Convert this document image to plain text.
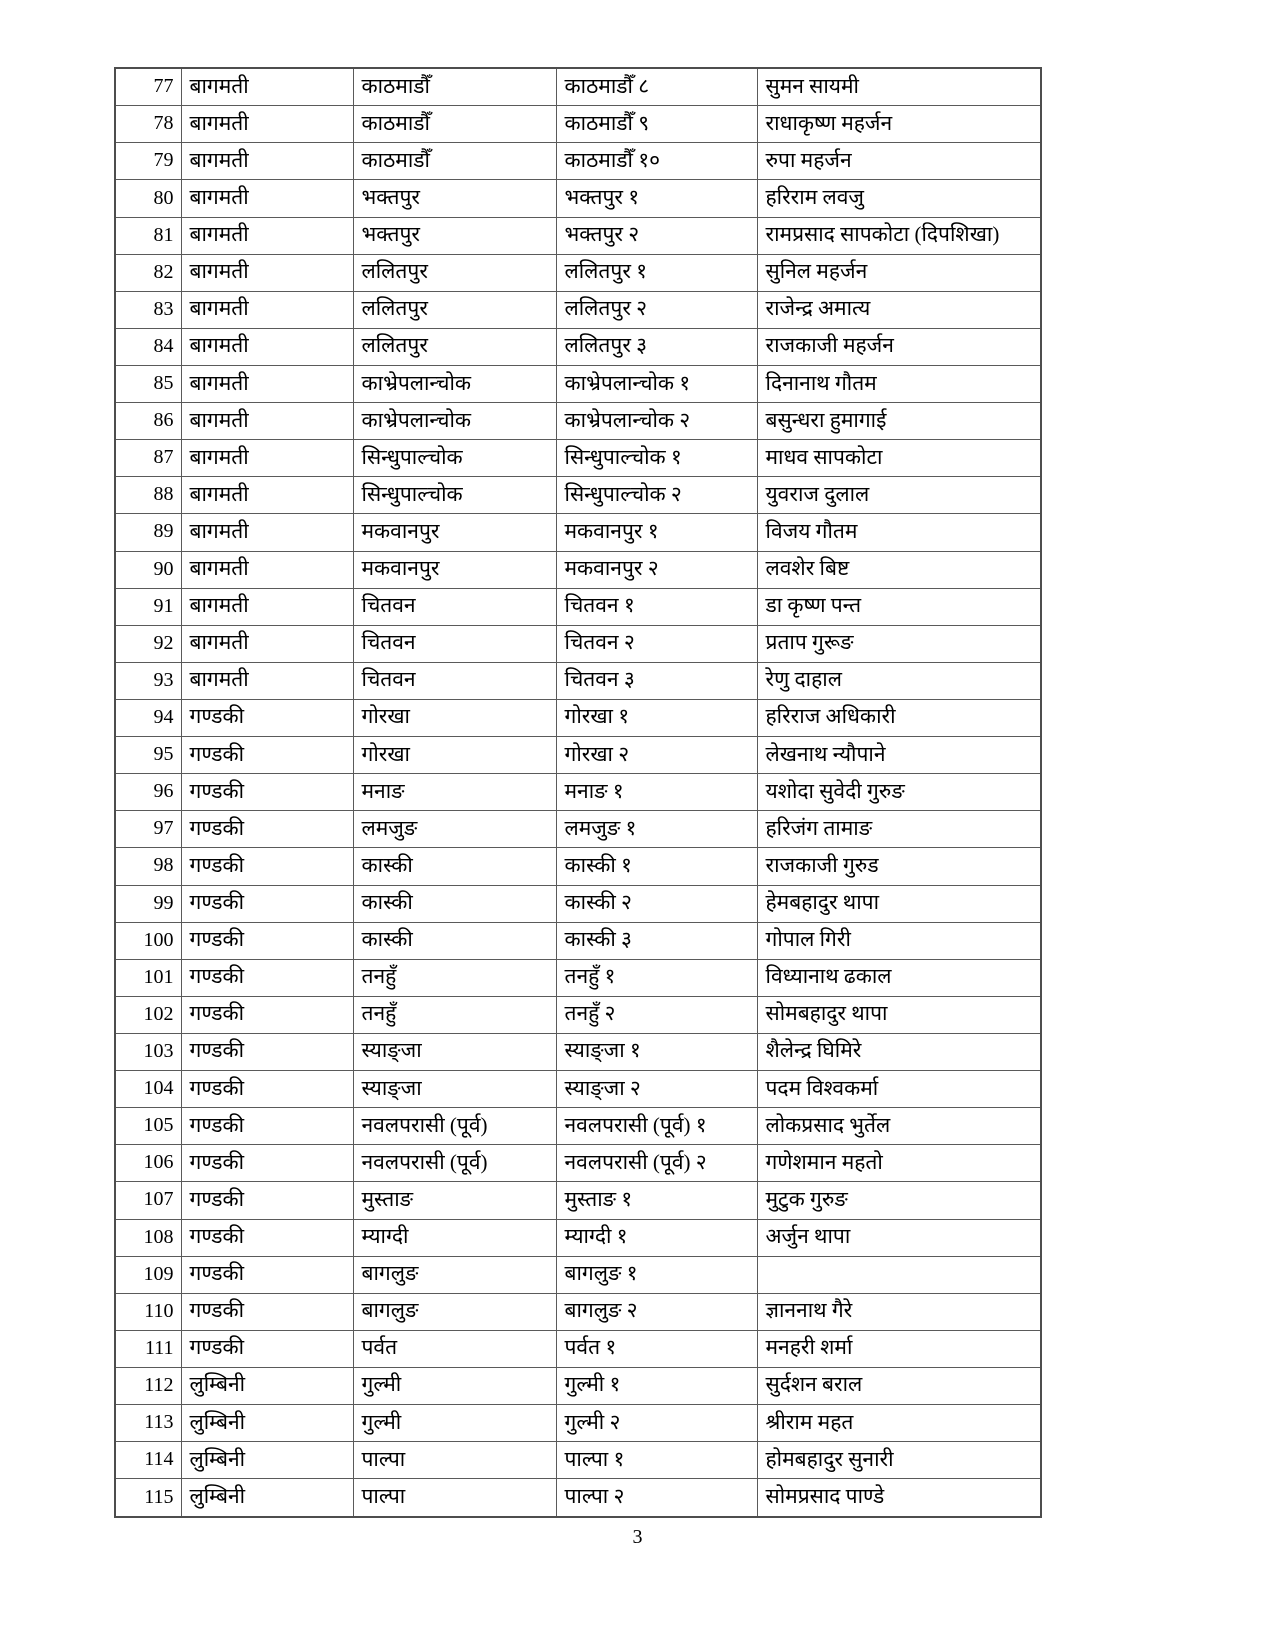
77	बागमती	काठमाडौँ	काठमाडौँ ८	सुमन सायमी
78	बागमती	काठमाडौँ	काठमाडौँ ९	राधाकृष्ण महर्जन
79	बागमती	काठमाडौँ	काठमाडौँ १०	रुपा महर्जन
80	बागमती	भक्तपुर	भक्तपुर १	हरिराम लवजु
81	बागमती	भक्तपुर	भक्तपुर २	रामप्रसाद सापकोटा (दिपशिखा)
82	बागमती	ललितपुर	ललितपुर १	सुनिल महर्जन
83	बागमती	ललितपुर	ललितपुर २	राजेन्द्र अमात्य
84	बागमती	ललितपुर	ललितपुर ३	राजकाजी महर्जन
85	बागमती	काभ्रेपलान्चोक	काभ्रेपलान्चोक १	दिनानाथ गौतम
86	बागमती	काभ्रेपलान्चोक	काभ्रेपलान्चोक २	बसुन्धरा हुमागाई
87	बागमती	सिन्धुपाल्चोक	सिन्धुपाल्चोक १	माधव सापकोटा
88	बागमती	सिन्धुपाल्चोक	सिन्धुपाल्चोक २	युवराज दुलाल
89	बागमती	मकवानपुर	मकवानपुर १	विजय गौतम
90	बागमती	मकवानपुर	मकवानपुर २	लवशेर बिष्ट
91	बागमती	चितवन	चितवन १	डा कृष्ण पन्त
92	बागमती	चितवन	चितवन २	प्रताप गुरूङ
93	बागमती	चितवन	चितवन ३	रेणु दाहाल
94	गण्डकी	गोरखा	गोरखा १	हरिराज अधिकारी
95	गण्डकी	गोरखा	गोरखा २	लेखनाथ न्यौपाने
96	गण्डकी	मनाङ	मनाङ १	यशोदा सुवेदी गुरुङ
97	गण्डकी	लमजुङ	लमजुङ १	हरिजंग तामाङ
98	गण्डकी	कास्की	कास्की १	राजकाजी गुरुड
99	गण्डकी	कास्की	कास्की २	हेमबहादुर थापा
100	गण्डकी	कास्की	कास्की ३	गोपाल गिरी
101	गण्डकी	तनहुँ	तनहुँ १	विध्यानाथ ढकाल
102	गण्डकी	तनहुँ	तनहुँ २	सोमबहादुर थापा
103	गण्डकी	स्याङ्जा	स्याङ्जा १	शैलेन्द्र घिमिरे
104	गण्डकी	स्याङ्जा	स्याङ्जा २	पदम विश्वकर्मा
105	गण्डकी	नवलपरासी (पूर्व)	नवलपरासी (पूर्व) १	लोकप्रसाद भुर्तेल
106	गण्डकी	नवलपरासी (पूर्व)	नवलपरासी (पूर्व) २	गणेशमान महतो
107	गण्डकी	मुस्ताङ	मुस्ताङ १	मुटुक गुरुङ
108	गण्डकी	म्याग्दी	म्याग्दी १	अर्जुन थापा
109	गण्डकी	बागलुङ	बागलुङ १	
110	गण्डकी	बागलुङ	बागलुङ २	ज्ञाननाथ गैरे
111	गण्डकी	पर्वत	पर्वत १	मनहरी शर्मा
112	लुम्बिनी	गुल्मी	गुल्मी १	सुर्दशन बराल
113	लुम्बिनी	गुल्मी	गुल्मी २	श्रीराम महत
114	लुम्बिनी	पाल्पा	पाल्पा १	होमबहादुर सुनारी
115	लुम्बिनी	पाल्पा	पाल्पा २	सोमप्रसाद पाण्डे
3
